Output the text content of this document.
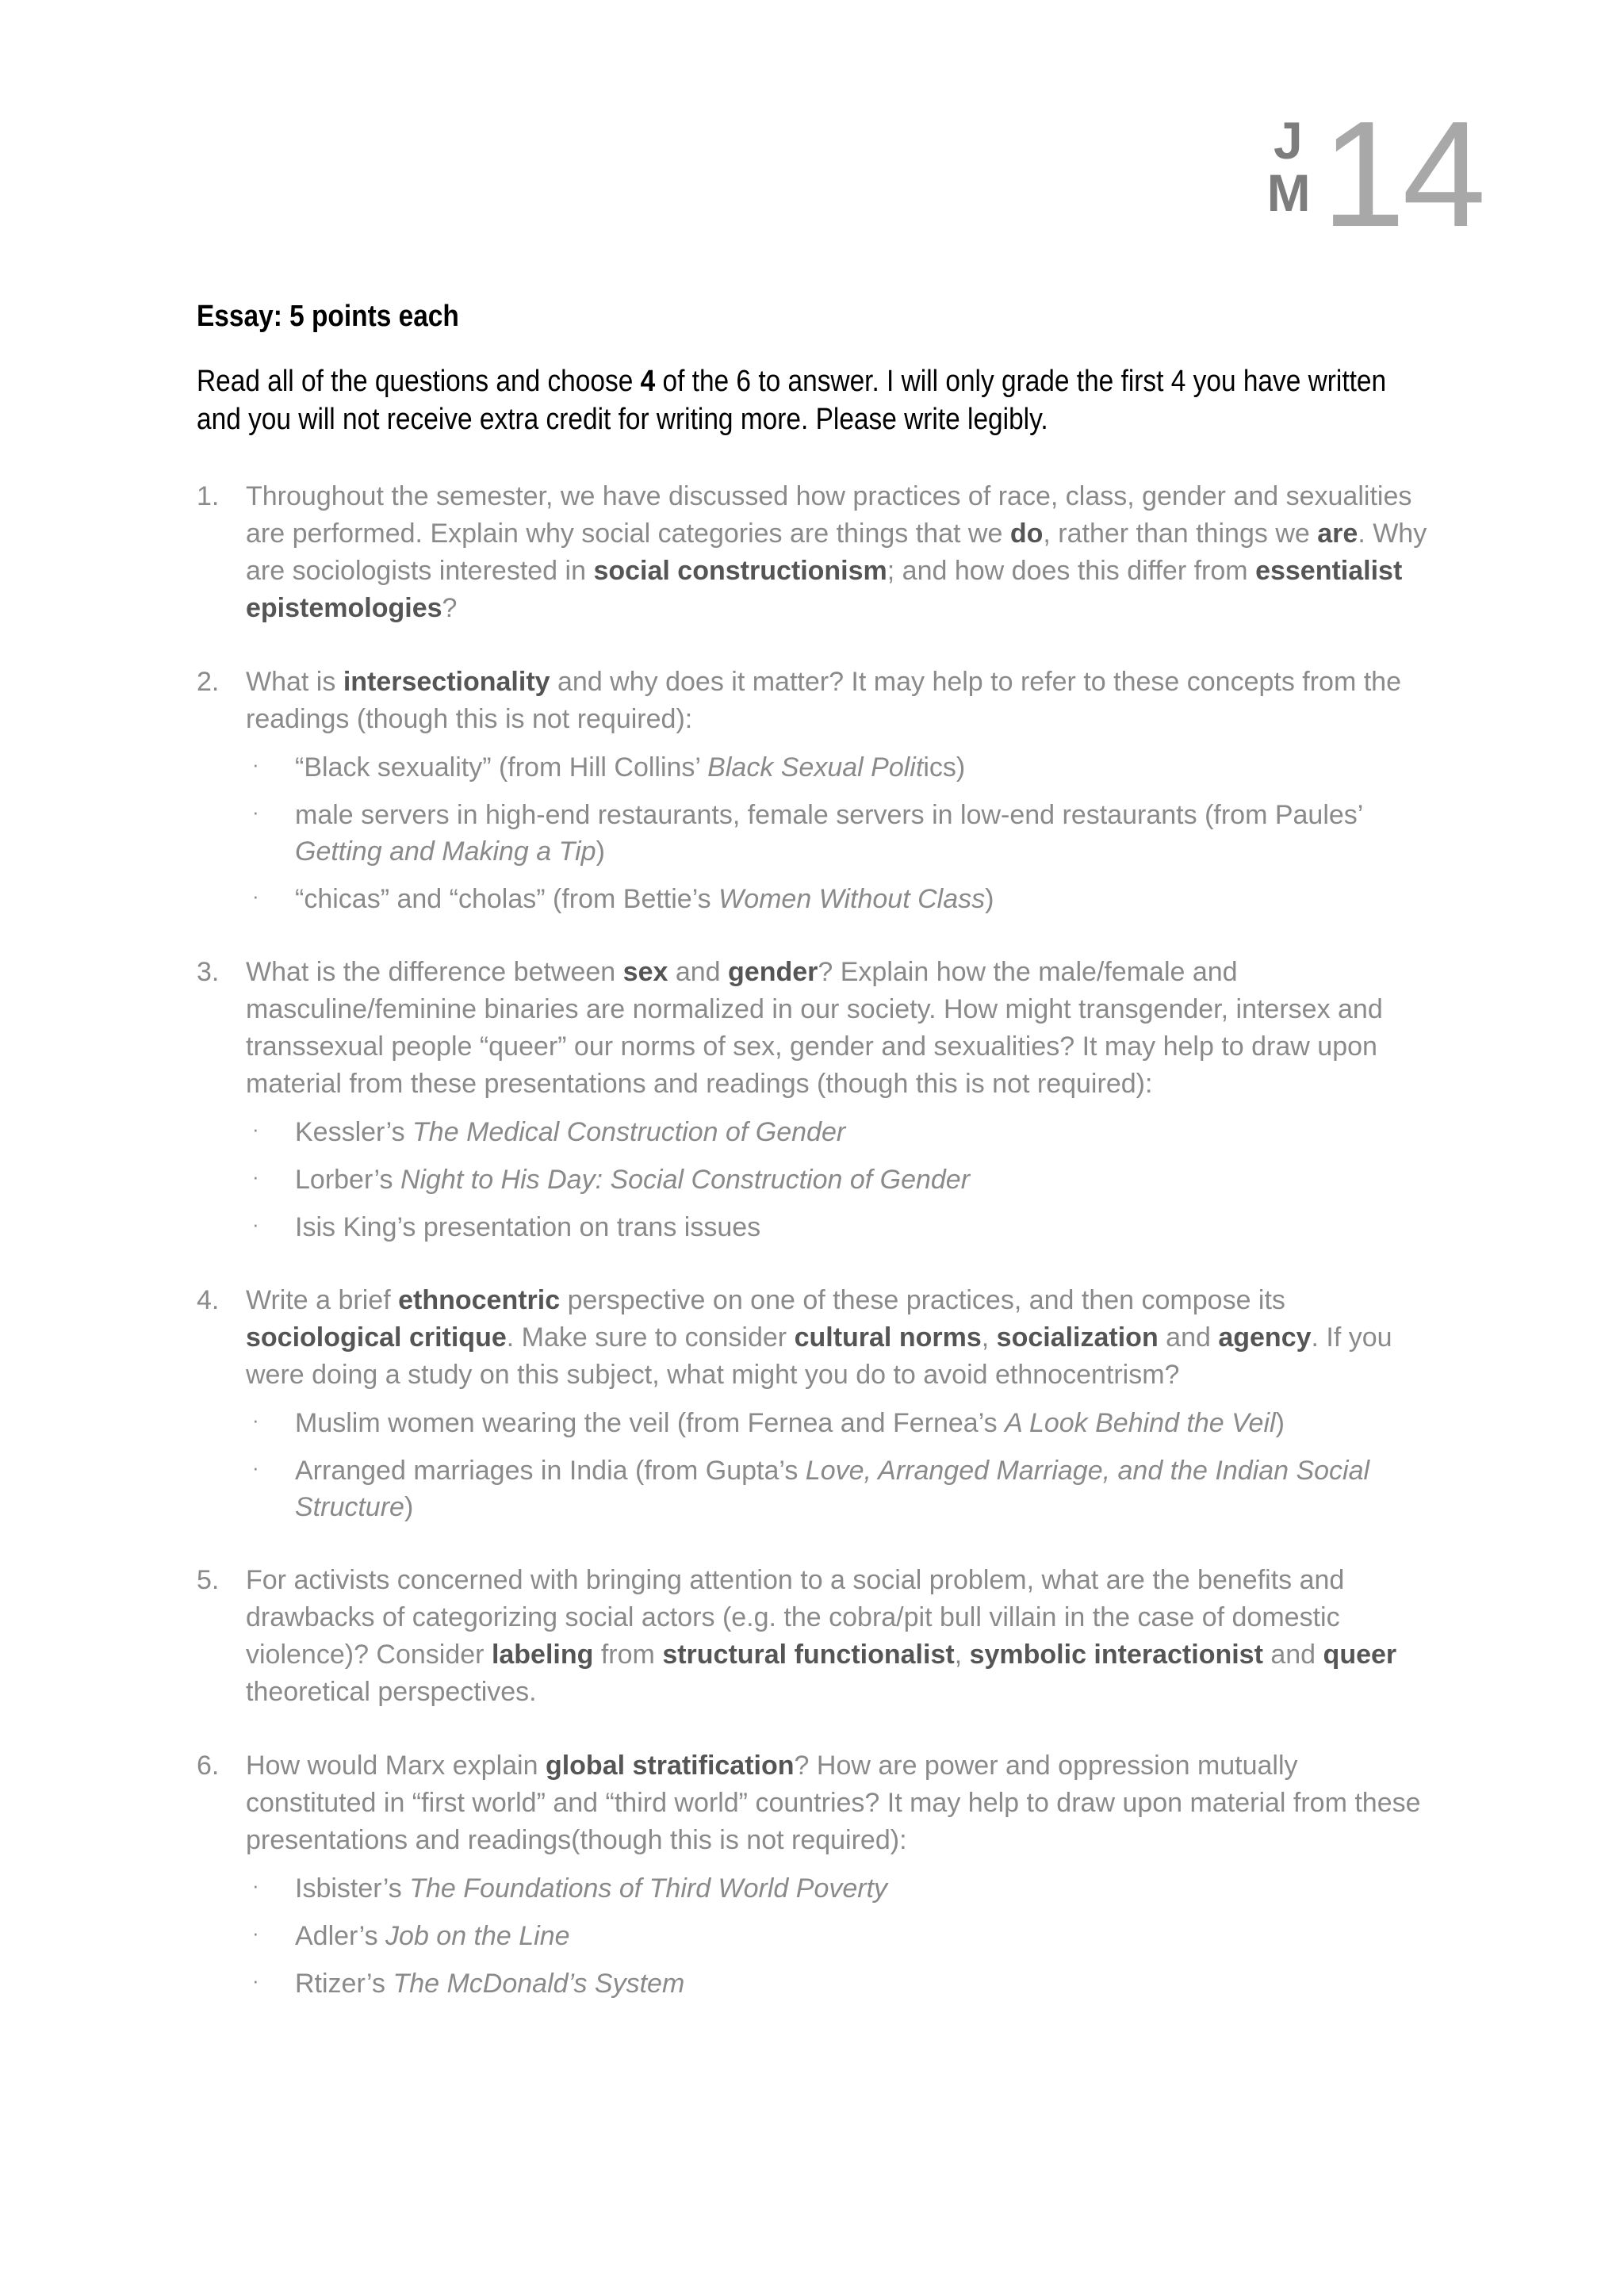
J
M 14
Essay: 5 points each

Read all of the questions and choose 4 of the 6 to answer. I will only grade the first 4 you have written and you will not receive extra credit for writing more. Please write legibly.

1. Throughout the semester, we have discussed how practices of race, class, gender and sexualities are performed. Explain why social categories are things that we do, rather than things we are. Why are sociologists interested in social constructionism; and how does this differ from essentialist epistemologies?
2. What is intersectionality and why does it matter? It may help to refer to these concepts from the readings (though this is not required):
· “Black sexuality” (from Hill Collins’ Black Sexual Politics)
· male servers in high-end restaurants, female servers in low-end restaurants (from Paules’ Getting and Making a Tip)
· “chicas” and “cholas” (from Bettie’s Women Without Class)
3. What is the difference between sex and gender? Explain how the male/female and masculine/feminine binaries are normalized in our society. How might transgender, intersex and transsexual people “queer” our norms of sex, gender and sexualities? It may help to draw upon material from these presentations and readings (though this is not required):
· Kessler’s The Medical Construction of Gender
· Lorber’s Night to His Day: Social Construction of Gender
· Isis King’s presentation on trans issues
4. Write a brief ethnocentric perspective on one of these practices, and then compose its sociological critique. Make sure to consider cultural norms, socialization and agency. If you were doing a study on this subject, what might you do to avoid ethnocentrism?
· Muslim women wearing the veil (from Fernea and Fernea’s A Look Behind the Veil)
· Arranged marriages in India (from Gupta’s Love, Arranged Marriage, and the Indian Social Structure)
5. For activists concerned with bringing attention to a social problem, what are the benefits and drawbacks of categorizing social actors (e.g. the cobra/pit bull villain in the case of domestic violence)? Consider labeling from structural functionalist, symbolic interactionist and queer theoretical perspectives.
6. How would Marx explain global stratification? How are power and oppression mutually constituted in “first world” and “third world” countries? It may help to draw upon material from these presentations and readings(though this is not required):
· Isbister’s The Foundations of Third World Poverty
· Adler’s Job on the Line
· Rtizer’s The McDonald’s System
